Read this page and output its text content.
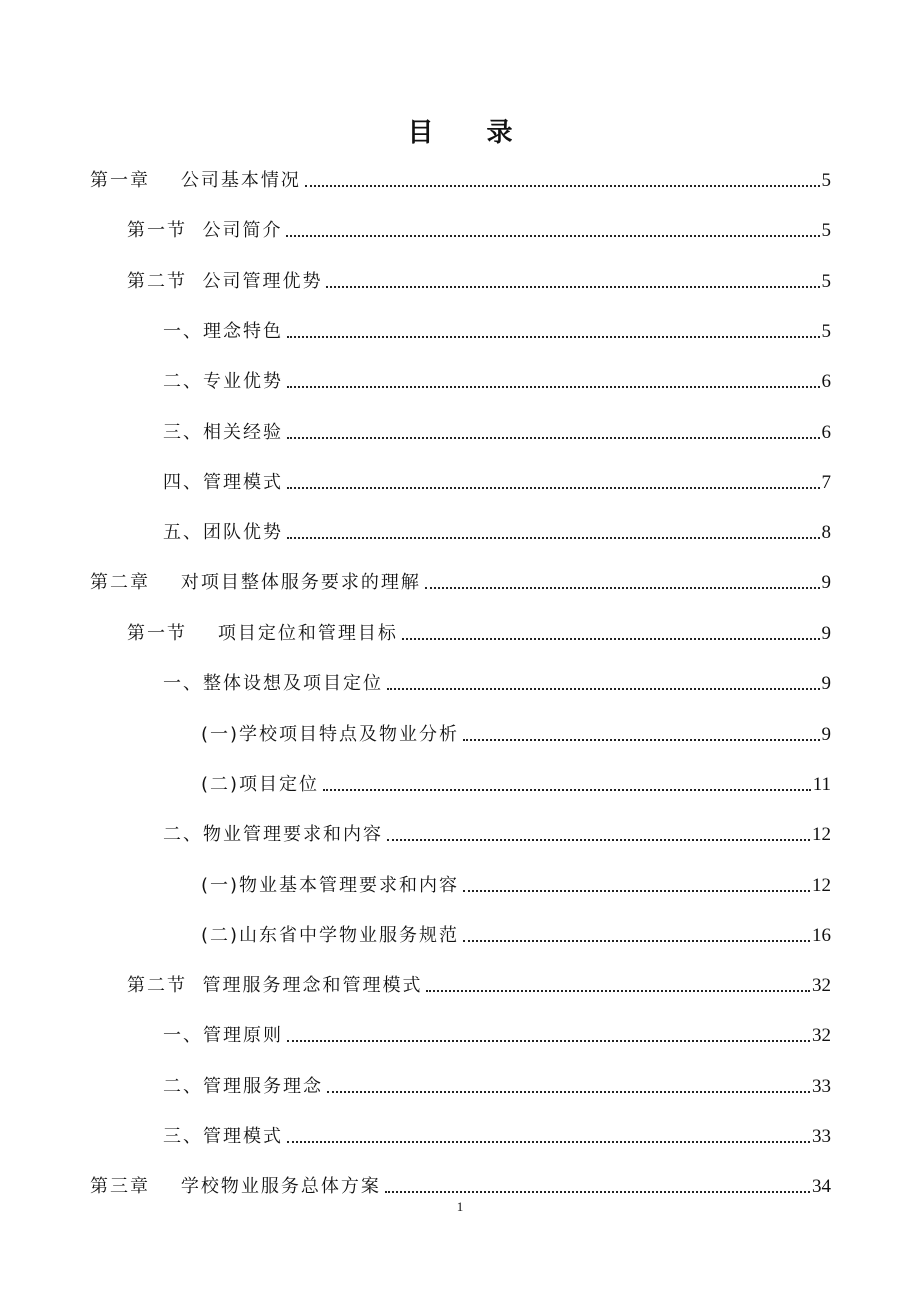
目 录
第一章    公司基本情况	5
第一节  公司简介	5
第二节  公司管理优势	5
一、理念特色	5
二、专业优势	6
三、相关经验	6
四、管理模式	7
五、团队优势	8
第二章    对项目整体服务要求的理解	9
第一节    项目定位和管理目标	9
一、整体设想及项目定位	9
(一)学校项目特点及物业分析	9
(二)项目定位	11
二、物业管理要求和内容	12
(一)物业基本管理要求和内容	12
(二)山东省中学物业服务规范	16
第二节  管理服务理念和管理模式	32
一、管理原则	32
二、管理服务理念	33
三、管理模式	33
第三章    学校物业服务总体方案	34
1
